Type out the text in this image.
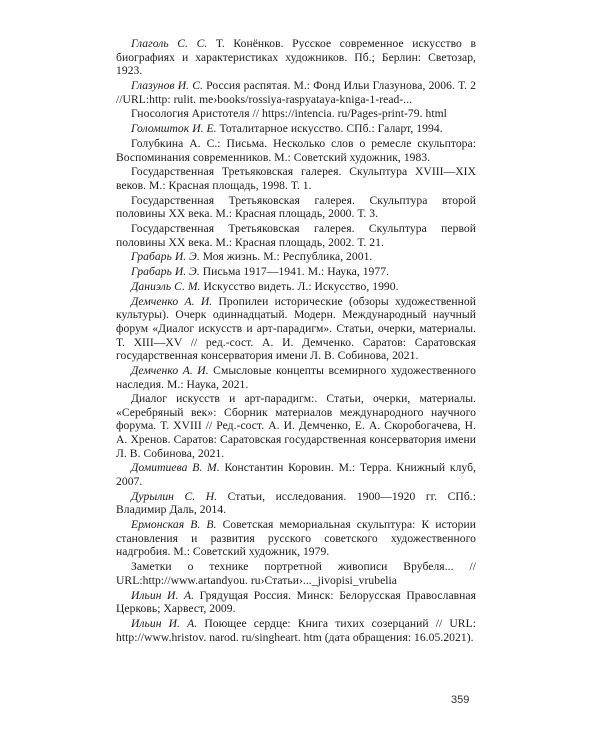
Глаголь С. С. Т. Конёнков. Русское современное искусство в биографиях и характеристиках художников. Пб.; Берлин: Светозар, 1923.

Глазунов И. С. Россия распятая. М.: Фонд Ильи Глазунова, 2006. Т. 2 //URL:http: rulit. me›books/rossiya-raspyataya-kniga-1-read-...

Гносология Аристотеля // https://intencia. ru/Pages-print-79. html

Голомшток И. Е. Тоталитарное искусство. СПб.: Галарт, 1994.

Голубкина А. С.: Письма. Несколько слов о ремесле скульптора: Воспоминания современников. М.: Советский художник, 1983.

Государственная Третьяковская галерея. Скульптура XVIII—XIX веков. М.: Красная площадь, 1998. Т. 1.

Государственная Третьяковская галерея. Скульптура второй половины XX века. М.: Красная площадь, 2000. Т. 3.

Государственная Третьяковская галерея. Скульптура первой половины XX века. М.: Красная площадь, 2002. Т. 21.

Грабарь И. Э. Моя жизнь. М.: Республика, 2001.

Грабарь И. Э. Письма 1917—1941. М.: Наука, 1977.

Даниэль С. М. Искусство видеть. Л.: Искусство, 1990.

Демченко А. И. Пропилеи исторические (обзоры художественной культуры). Очерк одиннадцатый. Модерн. Международный научный форум «Диалог искусств и арт-парадигм». Статьи, очерки, материалы. Т. XIII—XV // ред.-сост. А. И. Демченко. Саратов: Саратовская государственная консерватория имени Л. В. Собинова, 2021.

Демченко А. И. Смысловые концепты всемирного художественного наследия. М.: Наука, 2021.

Диалог искусств и арт-парадигм:. Статьи, очерки, материалы. «Серебряный век»: Сборник материалов международного научного форума. Т. XVIII // Ред.-сост. А. И. Демченко, Е. А. Скоробогачева, Н. А. Хренов. Саратов: Саратовская государственная консерватория имени Л. В. Собинова, 2021.

Домитиева В. М. Константин Коровин. М.: Терра. Книжный клуб, 2007.

Дурылин С. Н. Статьи, исследования. 1900—1920 гг. СПб.: Владимир Даль, 2014.

Ермонская В. В. Советская мемориальная скульптура: К истории становления и развития русского советского художественного надгробия. М.: Советский художник, 1979.

Заметки о технике портретной живописи Врубеля... // URL:http://www.artandyou. ru›Статьи›..._jivopisi_vrubelia

Ильин И. А. Грядущая Россия. Минск: Белорусская Православная Церковь; Харвест, 2009.

Ильин И. А. Поющее сердце: Книга тихих созерцаний // URL: http://www.hristov. narod. ru/singheart. htm (дата обращения: 16.05.2021).

359
